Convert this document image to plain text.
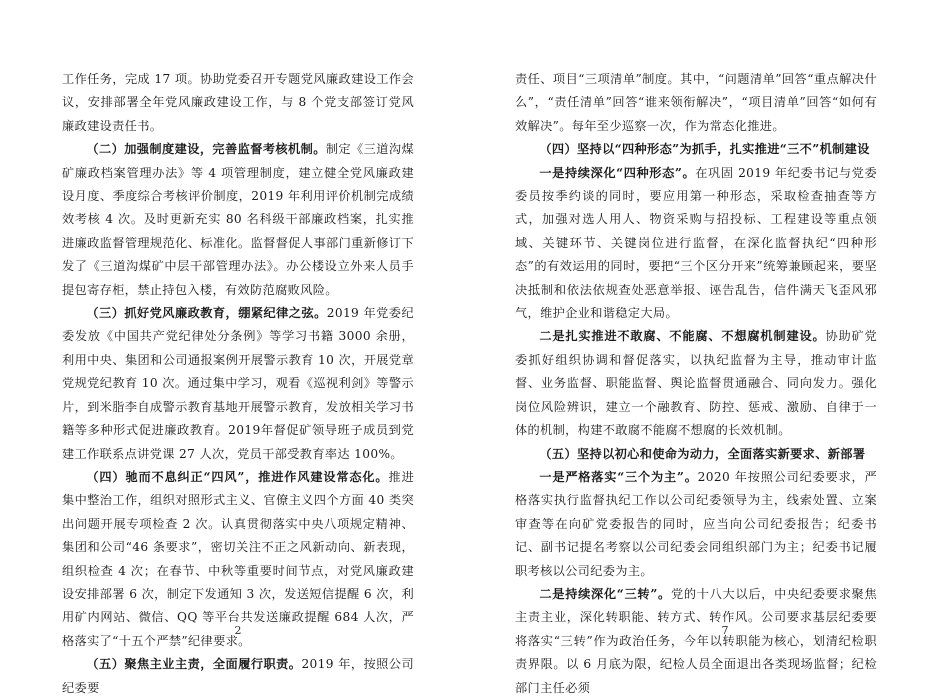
工作任务，完成 17 项。协助党委召开专题党风廉政建设工作会议，安排部署全年党风廉政建设工作，与 8 个党支部签订党风廉政建设责任书。

（二）加强制度建设，完善监督考核机制。制定《三道沟煤矿廉政档案管理办法》等 4 项管理制度，建立健全党风廉政建设月度、季度综合考核评价制度，2019 年利用评价机制完成绩效考核 4 次。及时更新充实 80 名科级干部廉政档案，扎实推进廉政监督管理规范化、标准化。监督督促人事部门重新修订下发了《三道沟煤矿中层干部管理办法》。办公楼设立外来人员手提包寄存柜，禁止持包入楼，有效防范腐败风险。

（三）抓好党风廉政教育，绷紧纪律之弦。2019 年党委纪委发放《中国共产党纪律处分条例》等学习书籍 3000 余册，利用中央、集团和公司通报案例开展警示教育 10 次，开展党章党规党纪教育 10 次。通过集中学习，观看《巡视利剑》等警示片，到米脂李自成警示教育基地开展警示教育，发放相关学习书籍等多种形式促进廉政教育。2019年督促矿领导班子成员到党建工作联系点讲党课 27 人次，党员干部受教育率达 100%。

（四）驰而不息纠正“四风”，推进作风建设常态化。推进集中整治工作，组织对照形式主义、官僚主义四个方面 40 类突出问题开展专项检查 2 次。认真贯彻落实中央八项规定精神、集团和公司“46 条要求”，密切关注不正之风新动向、新表现，组织检查 4 次；在春节、中秋等重要时间节点，对党风廉政建设安排部署 6 次，制定下发通知 3 次，发送短信提醒 6 次，利用矿内网站、微信、QQ 等平台共发送廉政提醒 684 人次，严格落实了“十五个严禁”纪律要求。

（五）聚焦主业主责，全面履行职责。2019 年，按照公司纪委要

2

责任、项目“三项清单”制度。其中，“问题清单”回答“重点解决什么”，“责任清单”回答“谁来领衔解决”，“项目清单”回答“如何有效解决”。每年至少巡察一次，作为常态化推进。

（四）坚持以“四种形态”为抓手，扎实推进“三不”机制建设

一是持续深化“四种形态”。在巩固 2019 年纪委书记与党委委员按季约谈的同时，要应用第一种形态，采取检查抽查等方式，加强对选人用人、物资采购与招投标、工程建设等重点领域、关键环节、关键岗位进行监督，在深化监督执纪“四种形态”的有效运用的同时，要把“三个区分开来”统筹兼顾起来，要坚决抵制和依法依规查处恶意举报、诬告乱告，信件满天飞歪风邪气，维护企业和谐稳定大局。

二是扎实推进不敢腐、不能腐、不想腐机制建设。协助矿党委抓好组织协调和督促落实，以执纪监督为主导，推动审计监督、业务监督、职能监督、舆论监督贯通融合、同向发力。强化岗位风险辨识，建立一个融教育、防控、惩戒、激励、自律于一体的机制，构建不敢腐不能腐不想腐的长效机制。

（五）坚持以初心和使命为动力，全面落实新要求、新部署

一是严格落实“三个为主”。2020 年按照公司纪委要求，严格落实执行监督执纪工作以公司纪委领导为主，线索处置、立案审查等在向矿党委报告的同时，应当向公司纪委报告；纪委书记、副书记提名考察以公司纪委会同组织部门为主；纪委书记履职考核以公司纪委为主。

二是持续深化“三转”。党的十八大以后，中央纪委要求聚焦主责主业，深化转职能、转方式、转作风。公司要求基层纪委要将落实“三转”作为政治任务，今年以转职能为核心，划清纪检职责界限。以 6 月底为限，纪检人员全面退出各类现场监督；纪检部门主任必须

7
